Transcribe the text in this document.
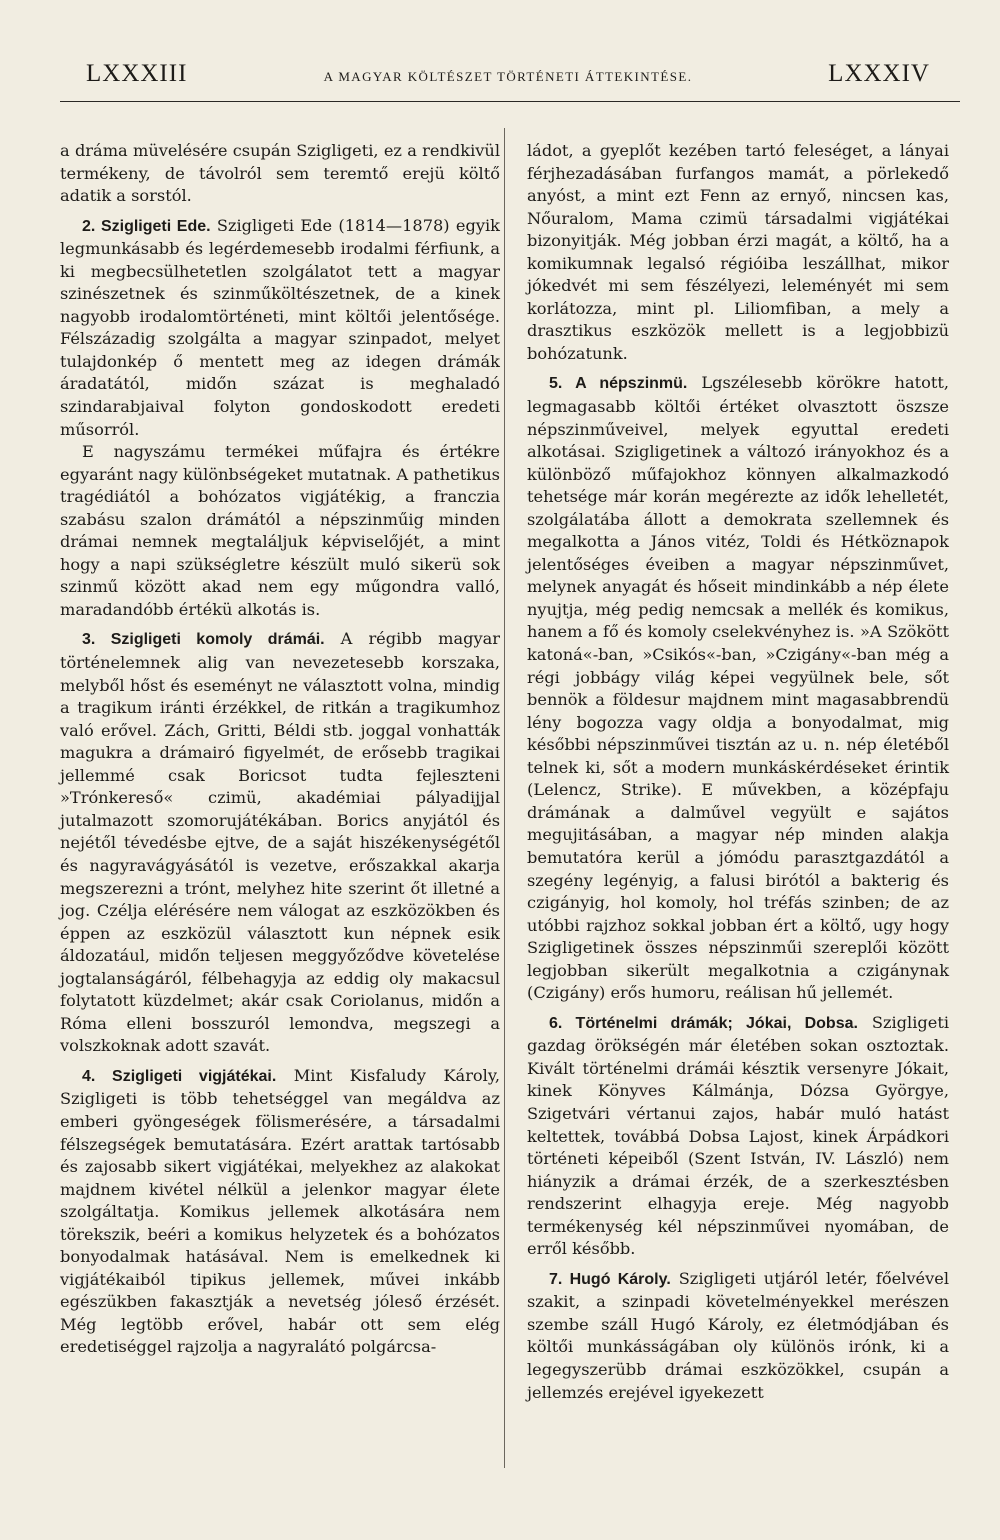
LXXXIII	A MAGYAR KÖLTÉSZET TÖRTÉNETI ÁTTEKINTÉSE.	LXXXIV

a dráma müvelésére csupán Szigligeti, ez a rendkivül termékeny, de távolról sem teremtő erejü költő adatik a sorstól.

2. Szigligeti Ede. Szigligeti Ede (1814—1878) egyik legmunkásabb és legérdemesebb irodalmi férfiunk, a ki megbecsülhetetlen szolgálatot tett a magyar szinészetnek és szinműköltészetnek, de a kinek nagyobb irodalomtörténeti, mint költői jelentősége. Félszázadig szolgálta a magyar szinpadot, melyet tulajdonkép ő mentett meg az idegen drámák áradatától, midőn százat is meghaladó szindarabjaival folyton gondoskodott eredeti műsorról.

E nagyszámu termékei műfajra és értékre egyaránt nagy különbségeket mutatnak. A pathetikus tragédiától a bohózatos vigjátékig, a franczia szabásu szalon drámától a népszinműig minden drámai nemnek megtaláljuk képviselőjét, a mint hogy a napi szükségletre készült muló sikerü sok szinmű között akad nem egy műgondra valló, maradandóbb értékü alkotás is.

3. Szigligeti komoly drámái. A régibb magyar történelemnek alig van nevezetesebb korszaka, melyből hőst és eseményt ne választott volna, mindig a tragikum iránti érzékkel, de ritkán a tragikumhoz való erővel. Zách, Gritti, Béldi stb. joggal vonhatták magukra a drámairó figyelmét, de erősebb tragikai jellemmé csak Boricsot tudta fejleszteni »Trónkereső« czimü, akadémiai pályadijjal jutalmazott szomorujátékában. Borics anyjától és nejétől tévedésbe ejtve, de a saját hiszékenységétől és nagyravágyásától is vezetve, erőszakkal akarja megszerezni a trónt, melyhez hite szerint őt illetné a jog. Czélja elérésére nem válogat az eszközökben és éppen az eszközül választott kun népnek esik áldozatául, midőn teljesen meggyőződve követelése jogtalanságáról, félbehagyja az eddig oly makacsul folytatott küzdelmet; akár csak Coriolanus, midőn a Róma elleni bosszuról lemondva, megszegi a volszkoknak adott szavát.

4. Szigligeti vigjátékai. Mint Kisfaludy Károly, Szigligeti is több tehetséggel van megáldva az emberi gyöngeségek fölismerésére, a társadalmi félszegségek bemutatására. Ezért arattak tartósabb és zajosabb sikert vigjátékai, melyekhez az alakokat majdnem kivétel nélkül a jelenkor magyar élete szolgáltatja. Komikus jellemek alkotására nem törekszik, beéri a komikus helyzetek és a bohózatos bonyodalmak hatásával. Nem is emelkednek ki vigjátékaiból tipikus jellemek, művei inkább egészükben fakasztják a nevetség jóleső érzését. Még legtöbb erővel, habár ott sem elég eredetiséggel rajzolja a nagyralátó polgárcsa-

ládot, a gyeplőt kezében tartó feleséget, a lányai férjhezadásában furfangos mamát, a pörlekedő anyóst, a mint ezt Fenn az ernyő, nincsen kas, Nőuralom, Mama czimü társadalmi vigjátékai bizonyitják. Még jobban érzi magát, a költő, ha a komikumnak legalsó régióiba leszállhat, mikor jókedvét mi sem fészélyezi, leleményét mi sem korlátozza, mint pl. Liliomfiban, a mely a drasztikus eszközök mellett is a legjobbizü bohózatunk.

5. A népszinmü. Lgszélesebb körökre hatott, legmagasabb költői értéket olvasztott öszsze népszinműveivel, melyek egyuttal eredeti alkotásai. Szigligetinek a változó irányokhoz és a különböző műfajokhoz könnyen alkalmazkodó tehetsége már korán megérezte az idők lehelletét, szolgálatába állott a demokrata szellemnek és megalkotta a János vitéz, Toldi és Hétköznapok jelentőséges éveiben a magyar népszinművet, melynek anyagát és hőseit mindinkább a nép élete nyujtja, még pedig nemcsak a mellék és komikus, hanem a fő és komoly cselekvényhez is. »A Szökött katoná«-ban, »Csikós«-ban, »Czigány«-ban még a régi jobbágy világ képei vegyülnek bele, sőt bennök a földesur majdnem mint magasabbrendü lény bogozza vagy oldja a bonyodalmat, mig későbbi népszinművei tisztán az u. n. nép életéből telnek ki, sőt a modern munkáskérdéseket érintik (Lelencz, Strike). E művekben, a középfaju drámának a dalművel vegyült e sajátos megujitásában, a magyar nép minden alakja bemutatóra kerül a jómódu parasztgazdától a szegény legényig, a falusi birótól a bakterig és czigányig, hol komoly, hol tréfás szinben; de az utóbbi rajzhoz sokkal jobban ért a költő, ugy hogy Szigligetinek összes népszinműi szereplői között legjobban sikerült megalkotnia a czigánynak (Czigány) erős humoru, reálisan hű jellemét.

6. Történelmi drámák; Jókai, Dobsa. Szigligeti gazdag örökségén már életében sokan osztoztak. Kivált történelmi drámái késztik versenyre Jókait, kinek Könyves Kálmánja, Dózsa Györgye, Szigetvári vértanui zajos, habár muló hatást keltettek, továbbá Dobsa Lajost, kinek Árpádkori történeti képeiből (Szent István, IV. László) nem hiányzik a drámai érzék, de a szerkesztésben rendszerint elhagyja ereje. Még nagyobb termékenység kél népszinművei nyomában, de erről később.

7. Hugó Károly. Szigligeti utjáról letér, főelvével szakit, a szinpadi követelményekkel merészen szembe száll Hugó Károly, ez életmódjában és költői munkásságában oly különös irónk, ki a legegyszerübb drámai eszközökkel, csupán a jellemzés erejével igyekezett
